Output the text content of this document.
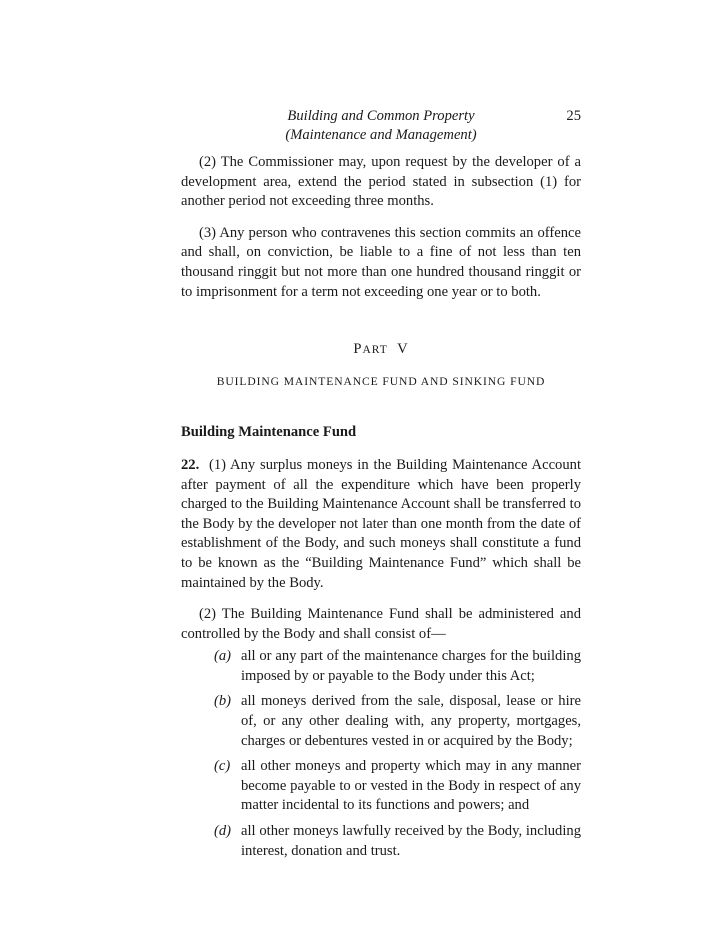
Building and Common Property
(Maintenance and Management)
25

(2) The Commissioner may, upon request by the developer of a development area, extend the period stated in subsection (1) for another period not exceeding three months.

(3) Any person who contravenes this section commits an offence and shall, on conviction, be liable to a fine of not less than ten thousand ringgit but not more than one hundred thousand ringgit or to imprisonment for a term not exceeding one year or to both.

PART V
BUILDING MAINTENANCE FUND AND SINKING FUND
Building Maintenance Fund

22. (1) Any surplus moneys in the Building Maintenance Account after payment of all the expenditure which have been properly charged to the Building Maintenance Account shall be transferred to the Body by the developer not later than one month from the date of establishment of the Body, and such moneys shall constitute a fund to be known as the “Building Maintenance Fund” which shall be maintained by the Body.

(2) The Building Maintenance Fund shall be administered and controlled by the Body and shall consist of—

(a) all or any part of the maintenance charges for the building imposed by or payable to the Body under this Act;
(b) all moneys derived from the sale, disposal, lease or hire of, or any other dealing with, any property, mortgages, charges or debentures vested in or acquired by the Body;
(c) all other moneys and property which may in any manner become payable to or vested in the Body in respect of any matter incidental to its functions and powers; and
(d) all other moneys lawfully received by the Body, including interest, donation and trust.
